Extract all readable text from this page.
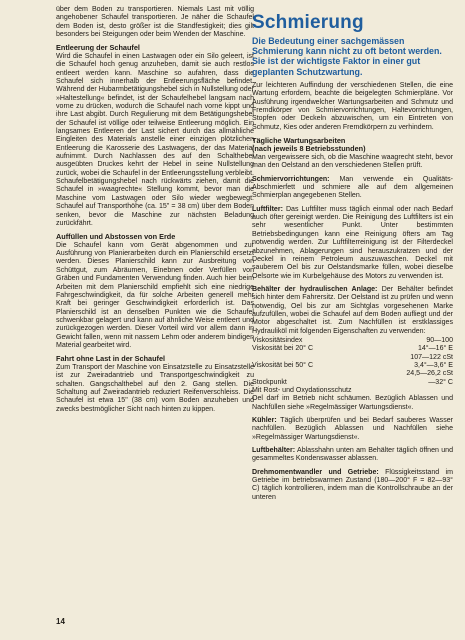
über dem Boden zu transportieren. Niemals Last mit völlig angehobener Schaufel transportieren. Je näher die Schaufel dem Boden ist, desto größer ist die Standfestigkeit; dies gilt besonders bei Steigungen oder beim Wenden der Maschine.

Entleerung der Schaufel

Wird die Schaufel in einen Lastwagen oder ein Silo geleert, ist die Schaufel hoch genug anzuheben, damit sie auch restlos entleert werden kann. Maschine so aufahren, dass die Schaufel sich innerhalb der Entleerungsfläche befindet. Während der Hubarmbetätigungshebel sich in Nullstellung oder »Haltestellung« befindet, ist der Schaufelhebel langsam nach vorne zu drücken, wodurch die Schaufel nach vorne kippt und ihre Last abgibt. Durch Regulierung mit dem Betätigungshebel der Schaufel ist völlige oder teilweise Entleerung möglich. Ein langsames Entleeren der Last sichert durch das allmähliche Eingleiten des Materials anstelle einer einzigen plötzlichen Entleerung die Karosserie des Lastwagens, der das Material aufnimmt. Durch Nachlassen des auf den Schalthebel ausgeübten Druckes kehrt der Hebel in seine Nullstellung zurück, wobei die Schaufel in der Entleerungsstellung verbleibt. Schaufelbetätigungshebel nach rückwärts ziehen, damit die Schaufel in »waagrechte« Stellung kommt, bevor man die Maschine vom Lastwagen oder Silo wieder wegbewegt. Schaufel auf Transporthöhe (ca. 15" = 38 cm) über dem Boden senken, bevor die Maschine zur nächsten Beladung zurückfährt.

Auffüllen und Abstossen von Erde

Die Schaufel kann vom Gerät abgenommen und zur Ausführung von Planierarbeiten durch ein Planierschild ersetzt werden. Dieses Planierschild kann zur Ausbreitung von Schüttgut, zum Abräumen, Einebnen oder Verfüllen von Gräben und Fundamenten Verwendung finden. Auch hier beim Arbeiten mit dem Planierschild empfiehlt sich eine niedrige Fahrgeschwindigkeit, da für solche Arbeiten generell mehr Kraft bei geringer Geschwindigkeit erforderlich ist. Das Planierschild ist an denselben Punkten wie die Schaufel schwenkbar gelagert und kann auf ähnliche Weise entleert und zurückgezogen werden. Dieser Vorteil wird vor allem dann in Gewicht fallen, wenn mit nassem Lehm oder anderem bindigen Material gearbeitet wird.

Fahrt ohne Last in der Schaufel

Zum Transport der Maschine von Einsatzstelle zu Einsatzstelle ist zur Zweiradantrieb und Transportgeschwindigkeit zu schalten. Gangschalthebel auf den 2. Gang stellen. Die Schaltung auf Zweiradantrieb reduziert Reifenverschleiss. Die Schaufel ist etwa 15" (38 cm) vom Boden anzuheben und zwecks bestmöglicher Sicht nach hinten zu kippen.

Schmierung
Die Bedeutung einer sachgemässen Schmierung kann nicht zu oft betont werden. Sie ist der wichtigste Faktor in einer gut geplanten Schutzwartung.

Zur leichteren Auffindung der verschiedenen Stellen, die eine Wartung erfordern, beachte die beigelegten Schmierpläne. Vor Ausführung irgendwelcher Wartungsarbeiten and Schmutz und Fremdkörper von Schmiervorrichtungen, Haltevorrichtungen, Stopfen oder Deckeln abzuwischen, um ein Eintreten von Schmutz, Kies oder anderen Fremdkörpern zu verhindern.

Tägliche Wartungsarbeiten
(nach jeweils 8 Betriebsstunden)

Man vergewissere sich, ob die Maschine waagrecht steht, bevor man den Oelstand an den verschiedenen Stellen prüft.

Schmiervorrichtungen: Man verwende ein Qualitäts-Abschmierfett und schmiere alle auf dem allgemeinen Schmierplan angegebenen Stellen.

Luftfilter: Das Luftfilter muss täglich einmal oder nach Bedarf auch öfter gereinigt werden. Die Reinigung des Luftfilters ist ein sehr wesentlicher Punkt. Unter bestimmten Betriebsbedingungen kann eine Reinigung öfters am Tag notwendig werden. Zur Luftfilterreinigung ist der Filterdeckel abzunehmen, Ablagerungen sind herauszukratzen und der Deckel in reinem Petroleum auszuwaschen. Deckel mit sauberem Oel bis zur Oelstandsmarke füllen, wobei dieselbe Oelsorte wie im Kurbelgehäuse des Motors zu verwenden ist.

Behälter der hydraulischen Anlage: Der Behälter befindet sich hinter dem Fahrersitz. Der Oelstand ist zu prüfen und wenn notwendig, Oel bis zur am Sichtglas vorgesehenen Marke aufzufüllen, wobei die Schaufel auf dem Boden aufliegt und der Motor abgeschaltet ist. Zum Nachfüllen ist erstklassiges Hydrauliköl mit folgenden Eigenschaften zu verwenden:

Viskositätsindex	90—100
Viskosität bei 20° C	14°—16° E
107—122 cSt
Viskosität bei 50° C	3,4°—3,6° E
24,5—26,2 cSt
Stockpunkt	—32° C
Mit Rost- und Oxydationsschutz

Oel darf im Betrieb nicht schäumen. Bezüglich Ablassen und Nachfüllen siehe »Regelmässiger Wartungsdienst«.

Kühler: Täglich überprüfen und bei Bedarf sauberes Wasser nachfüllen. Bezüglich Ablassen und Nachfüllen siehe »Regelmässiger Wartungsdienst«.

Luftbehälter: Ablasshahn unten am Behälter täglich öffnen und gesammeltes Kondenswasser ablassen.

Drehmomentwandler und Getriebe: Flüssigkeitsstand im Getriebe im betriebswarmen Zustand (180—200° F = 82—93° C) täglich kontrollieren, indem man die Kontrollschraube an der unteren

14
